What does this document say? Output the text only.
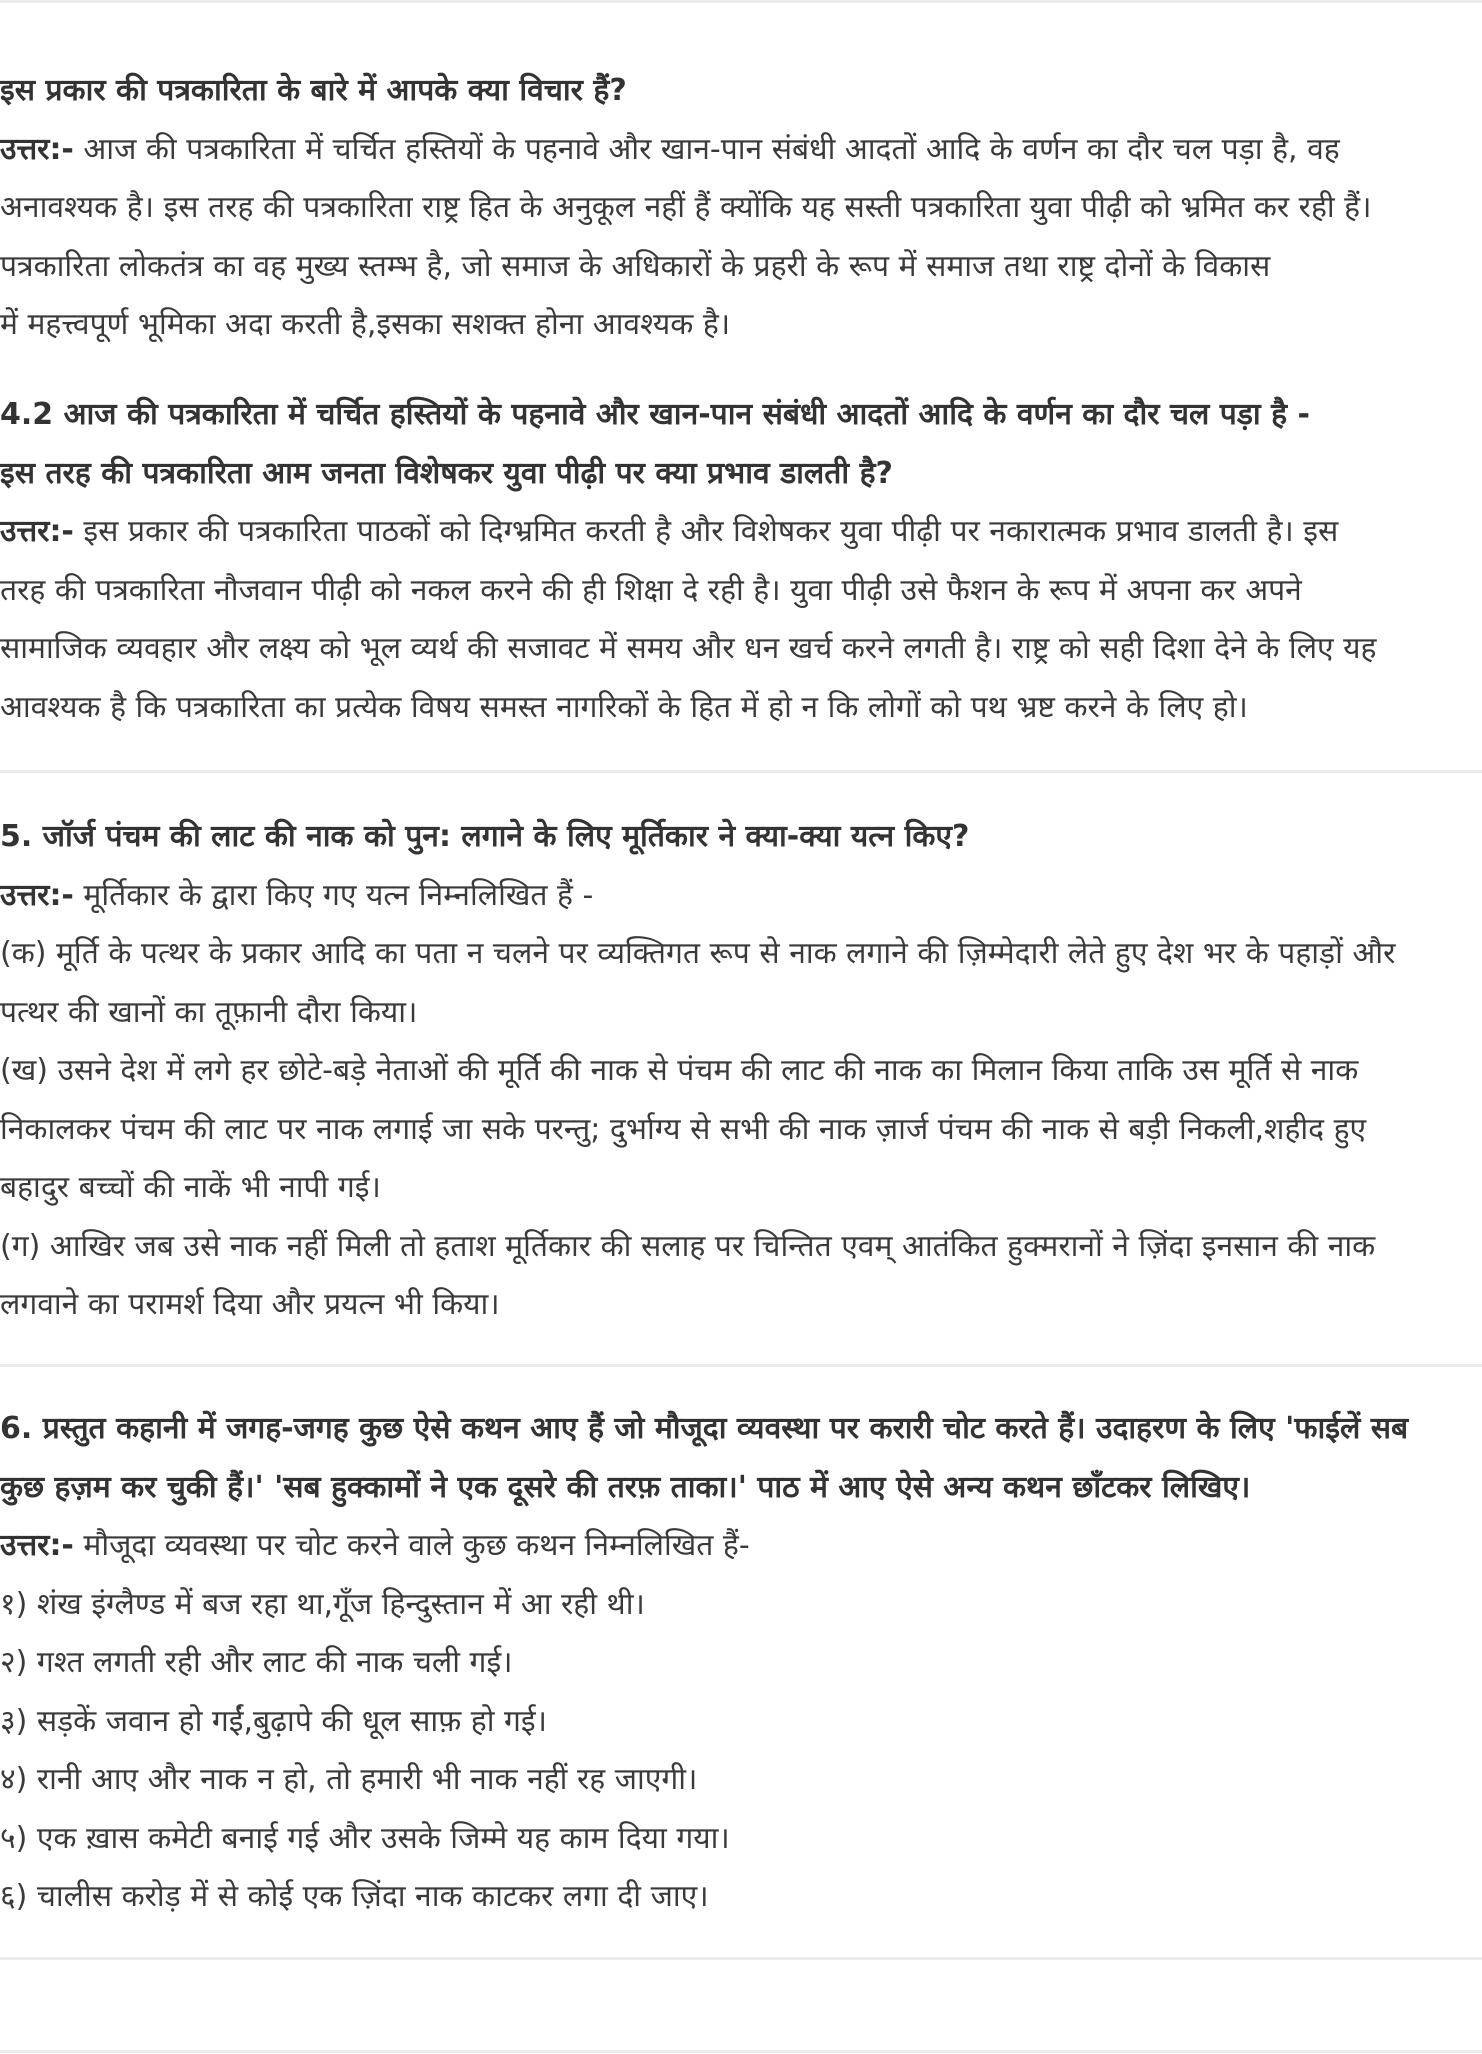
इस प्रकार की पत्रकारिता के बारे में आपके क्या विचार हैं?
उत्तर:- आज की पत्रकारिता में चर्चित हस्तियों के पहनावे और खान-पान संबंधी आदतों आदि के वर्णन का दौर चल पड़ा है, वह
अनावश्यक है। इस तरह की पत्रकारिता राष्ट्र हित के अनुकूल नहीं हैं क्योंकि यह सस्ती पत्रकारिता युवा पीढ़ी को भ्रमित कर रही हैं।
पत्रकारिता लोकतंत्र का वह मुख्य स्तम्भ है, जो समाज के अधिकारों के प्रहरी के रूप में समाज तथा राष्ट्र दोनों के विकास
में महत्त्वपूर्ण भूमिका अदा करती है,इसका सशक्त होना आवश्यक है।
4.2 आज की पत्रकारिता में चर्चित हस्तियों के पहनावे और खान-पान संबंधी आदतों आदि के वर्णन का दौर चल पड़ा है -
इस तरह की पत्रकारिता आम जनता विशेषकर युवा पीढ़ी पर क्या प्रभाव डालती है?
उत्तर:- इस प्रकार की पत्रकारिता पाठकों को दिग्भ्रमित करती है और विशेषकर युवा पीढ़ी पर नकारात्मक प्रभाव डालती है। इस
तरह की पत्रकारिता नौजवान पीढ़ी को नकल करने की ही शिक्षा दे रही है। युवा पीढ़ी उसे फैशन के रूप में अपना कर अपने
सामाजिक व्यवहार और लक्ष्य को भूल व्यर्थ की सजावट में समय और धन खर्च करने लगती है। राष्ट्र को सही दिशा देने के लिए यह
आवश्यक है कि पत्रकारिता का प्रत्येक विषय समस्त नागरिकों के हित में हो न कि लोगों को पथ भ्रष्ट करने के लिए हो।
5. जॉर्ज पंचम की लाट की नाक को पुन: लगाने के लिए मूर्तिकार ने क्या-क्या यत्न किए?
उत्तर:- मूर्तिकार के द्वारा किए गए यत्न निम्नलिखित हैं -
(क) मूर्ति के पत्थर के प्रकार आदि का पता न चलने पर व्यक्तिगत रूप से नाक लगाने की ज़िम्मेदारी लेते हुए देश भर के पहाड़ों और
पत्थर की खानों का तूफ़ानी दौरा किया।
(ख) उसने देश में लगे हर छोटे-बड़े नेताओं की मूर्ति की नाक से पंचम की लाट की नाक का मिलान किया ताकि उस मूर्ति से नाक
निकालकर पंचम की लाट पर नाक लगाई जा सके परन्तु; दुर्भाग्य से सभी की नाक ज़ार्ज पंचम की नाक से बड़ी निकली,शहीद हुए
बहादुर बच्चों की नाकें भी नापी गई।
(ग) आखिर जब उसे नाक नहीं मिली तो हताश मूर्तिकार की सलाह पर चिन्तित एवम् आतंकित हुक्मरानों ने ज़िंदा इनसान की नाक
लगवाने का परामर्श दिया और प्रयत्न भी किया।
6. प्रस्तुत कहानी में जगह-जगह कुछ ऐसे कथन आए हैं जो मौजूदा व्यवस्था पर करारी चोट करते हैं। उदाहरण के लिए 'फाईलें सब
कुछ हज़म कर चुकी हैं।' 'सब हुक्कामों ने एक दूसरे की तरफ़ ताका।' पाठ में आए ऐसे अन्य कथन छाँटकर लिखिए।
उत्तर:- मौजूदा व्यवस्था पर चोट करने वाले कुछ कथन निम्नलिखित हैं-
१) शंख इंग्लैण्ड में बज रहा था,गूँज हिन्दुस्तान में आ रही थी।
२) गश्त लगती रही और लाट की नाक चली गई।
३) सड़कें जवान हो गईं,बुढ़ापे की धूल साफ़ हो गई।
४) रानी आए और नाक न हो, तो हमारी भी नाक नहीं रह जाएगी।
५) एक ख़ास कमेटी बनाई गई और उसके जिम्मे यह काम दिया गया।
६) चालीस करोड़ में से कोई एक ज़िंदा नाक काटकर लगा दी जाए।
